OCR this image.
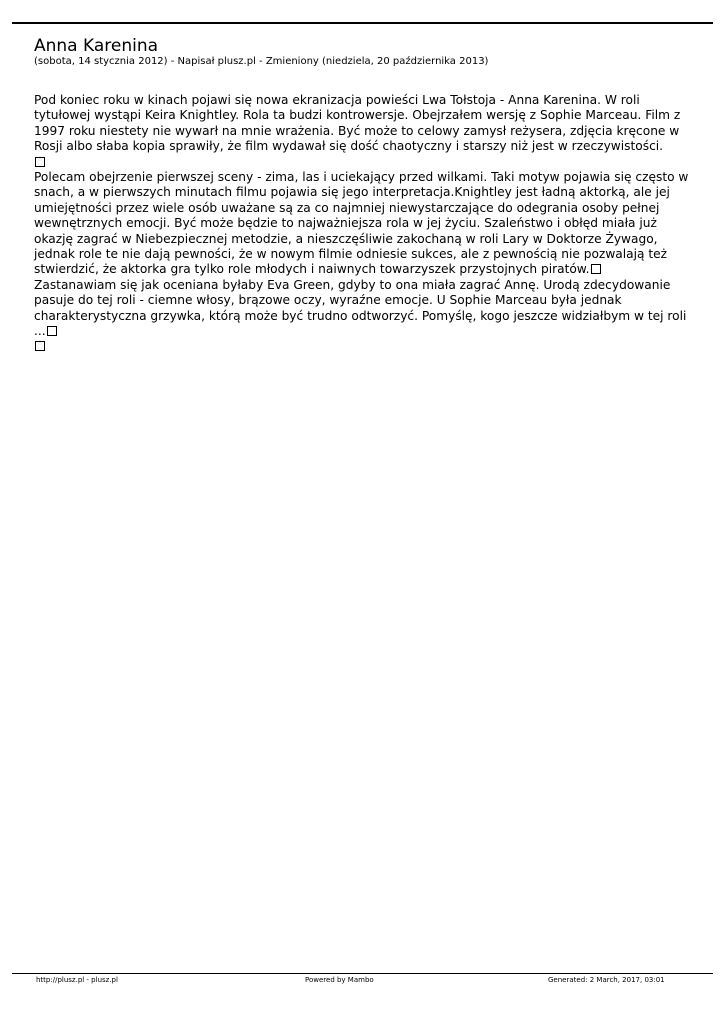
Anna Karenina
(sobota, 14 stycznia 2012) - Napisał plusz.pl - Zmieniony (niedziela, 20 października 2013)

Pod koniec roku w kinach pojawi się nowa ekranizacja powieści Lwa Tołstoja - Anna Karenina. W roli tytułowej wystąpi Keira Knightley. Rola ta budzi kontrowersje. Obejrzałem wersję z Sophie Marceau. Film z 1997 roku niestety nie wywarł na mnie wrażenia. Być może to celowy zamysł reżysera, zdjęcia kręcone w Rosji albo słaba kopia sprawiły, że film wydawał się dość chaotyczny i starszy niż jest w rzeczywistości.

Polecam obejrzenie pierwszej sceny - zima, las i uciekający przed wilkami. Taki motyw pojawia się często w snach, a w pierwszych minutach filmu pojawia się jego interpretacja.Knightley jest ładną aktorką, ale jej umiejętności przez wiele osób uważane są za co najmniej niewystarczające do odegrania osoby pełnej wewnętrznych emocji. Być może będzie to najważniejsza rola w jej życiu. Szaleństwo i obłęd miała już okazję zagrać w Niebezpiecznej metodzie, a nieszczęśliwie zakochaną w roli Lary w Doktorze Żywago, jednak role te nie dają pewności, że w nowym filmie odniesie sukces, ale z pewnością nie pozwalają też stwierdzić, że aktorka gra tylko role młodych i naiwnych towarzyszek przystojnych piratów.

Zastanawiam się jak oceniana byłaby Eva Green, gdyby to ona miała zagrać Annę. Urodą zdecydowanie pasuje do tej roli - ciemne włosy, brązowe oczy, wyraźne emocje. U Sophie Marceau była jednak charakterystyczna grzywka, którą może być trudno odtworzyć. Pomyślę, kogo jeszcze widziałbym w tej roli ...

http://plusz.pl - plusz.pl	Powered by Mambo	Generated: 2 March, 2017, 03:01
